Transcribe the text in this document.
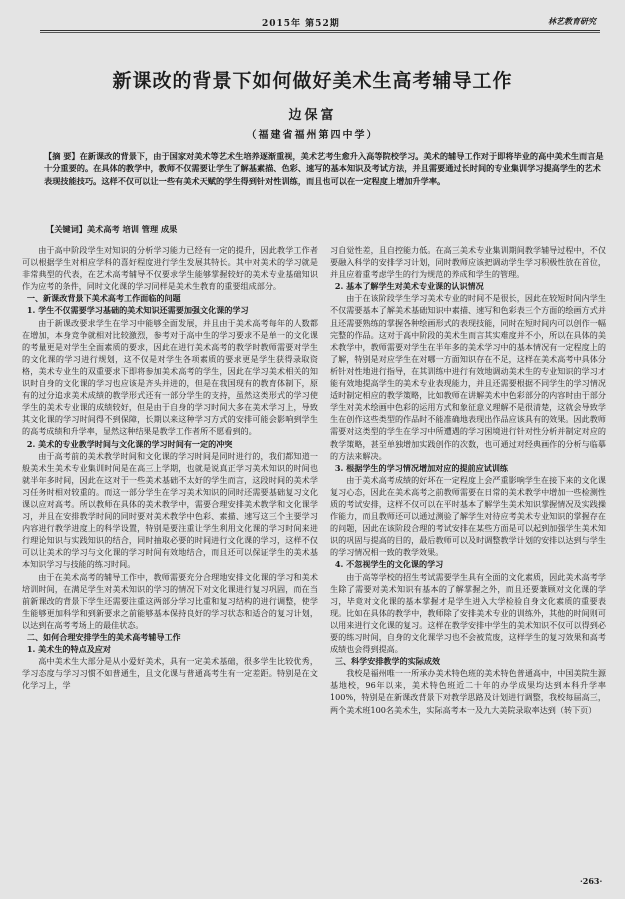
2015年 第52期	林艺教育研究
新课改的背景下如何做好美术生高考辅导工作
边保富
（福建省福州第四中学）
【摘 要】在新课改的背景下，由于国家对美术等艺术生培养逐渐重视，美术艺考生愈升入高等院校学习。美术的辅导工作对于即将毕业的高中美术生而言是十分重要的。在具体的教学中，教师不仅需要让学生了解基素描、色彩、速写的基本知识及考试方法，并且需要通过长时间的专业集训学习提高学生的艺术表现技能技巧。这样不仅可以让一些有美术天赋的学生得到针对性训练，而且也可以在一定程度上增加升学率。
【关键词】美术高考 培训 管理 成果

由于高中阶段学生对知识的分析学习能力已经有一定的提升，因此教学工作者可以根据学生对相应学科的喜好程度进行学生发展其特长。其中对美术的学习就是非常典型的代表，在艺术高考辅导不仅要求学生能够掌握较好的美术专业基础知识作为应考的条件，同时文化课的学习同样是美术生教育的重要组成部分。

一、新课改背景下美术高考工作面临的问题

1. 学生不仅需要学习基础的美术知识还需要加强文化课的学习

由于新课改要求学生在学习中能够全面发展，并且由于美术高考每年的人数都在增加，本身竞争就相对比较激烈，参考对于高中生的学习要求不是单一的文化课的考量更是对学生全面素质的要求，因此在进行美术高考的教学时教师需要对学生的文化课的学习进行规划，这不仅是对学生各项素质的要求更是学生获得录取资格，美术专业生的双重要求下即将参加美术高考的学生，因此在学习美术相关的知识时自身的文化课的学习也应该是齐头并进的，但是在我国现有的教育体制下，原有的过分追求美术成绩的教学形式还有一部分学生的支持，虽然这类形式的学习使学生的美术专业课的成绩较好，但是由于自身的学习时间大多在美术学习上，导致其文化课的学习时间得不到保障，长期以来这种学习方式的安排可能会影响到学生的高考成绩和升学率，显然这种结果是教学工作者所不愿看到的。

2. 美术的专业教学时间与文化课的学习时间有一定的冲突

由于高考前的美术教学时间和文化课的学习时间是同时进行的，我们都知道一般美术生美术专业集训时间是在高三上学期，也就是说真正学习美术知识的时间也就半年多时间，因此在这对于一些美术基础不太好的学生而言，这段时间的美术学习任务时相对较重的。而这一部分学生在学习美术知识的同时还需要基础复习文化课以应对高考。所以教师在具体的美术教学中，需要合理安排美术教学和文化课学习，并且在安排教学时间的同时要对美术教学中色彩、素描、速写这三个主要学习内容进行教学进度上的科学设置，特别是要注重让学生利用文化课的学习时间来进行理论知识与实践知识的结合，同时抽取必要的时间进行文化课的学习，这样不仅可以让美术的学习与文化课的学习时间有效地结合，而且还可以保证学生的美术基本知识学习与技能的练习时间。

由于在美术高考的辅导工作中，教师需要充分合理地安排文化课的学习和美术培训时间，在满足学生对美术知识的学习的情况下对文化课进行复习巩固，而在当前新课改的背景下学生还需要注重这两部分学习比重和复习结构的进行调整，使学生能够更加科学和到新要求之前能够基本保持良好的学习状态和适合的复习计划，以达到在高考考场上的最佳状态。

二、如何合理安排学生的美术高考辅导工作

1. 美术生的特点及应对

高中美术生大部分是从小爱好美术，具有一定美术基础，很多学生比较优秀，学习态度与学习习惯不如普通生，且文化课与普通高考生有一定差距。特别是在文化学习上，学

习自觉性差，且自控能力低。在高三美术专业集训期间教学辅导过程中，不仅要融入科学的安排学习计划，同时教师应该把调动学生学习积极性放在首位，并且应着重考虑学生的行为规范的养成和学生的管理。

2. 基本了解学生对美术专业课的认识情况

由于在该阶段学生学习美术专业的时间不是很长，因此在较短时间内学生不仅需要基本了解美术基础知识中素描、速写和色彩表三个方面的绘画方式并且还需要熟练的掌握各种绘画形式的表现技能，同时在短时间内可以创作一幅完整的作品。这对于高中阶段的美术生而言其实难度并不小，所以在具体的美术教学中，教师需要对学生在半年多的美术学习中的基本情况有一定程度上的了解，特别是对应学生在对哪一方面知识存在不足，这样在美术高考中具体分析针对性地进行指导，在其训练中进行有效地调动美术生的专业知识的学习才能有效地提高学生的美术专业表现能力，并且还需要根据不同学生的学习情况适时制定相应的教学策略，比如教师在讲解美术中色彩部分的内容时由于部分学生对美术绘画中色彩的运用方式和象征意义理解不是很清楚，这就会导致学生在创作这些类型的作品时不能准确地表现出作品应该具有的效果。因此教师需要对这类型的学生在学习中所遭遇的学习困境进行针对性分析并制定对应的教学策略，甚至单独增加实践创作的次数，也可通过对经典画作的分析与临摹的方法来解决。

3. 根据学生的学习情况增加对应的提前应试训练

由于美术高考成绩的好坏在一定程度上会严重影响学生在接下来的文化课复习心态，因此在美术高考之前教师需要在日常的美术教学中增加一些检测性质的考试安排，这样不仅可以在平时基本了解学生美术知识掌握情况及实践操作能力，而且教师还可以通过测验了解学生对待应考美术专业知识的掌握存在的问题，因此在该阶段合理的考试安排在某些方面是可以起到加强学生美术知识的巩固与提高的目的，最后教师可以及时调整教学计划的安排以达到与学生的学习情况相一致的教学效果。

4. 不忽视学生的文化课的学习

由于高等学校的招生考试需要学生具有全面的文化素质，因此美术高考学生除了需要对美术知识有基本的了解掌握之外，而且还要兼顾对文化课的学习，毕竟对文化课的基本掌握才是学生进入大学检验自身文化素质的重要表现。比如在具体的教学中，教师除了安排美术专业的训练外，其他的时间则可以用来进行文化课的复习。这样在教学安排中学生的美术知识不仅可以得到必要的练习时间，自身的文化课学习也不会被荒废，这样学生的复习效果和高考成绩也会得到提高。

三、科学安排教学的实际成效

我校是福州唯一一所承办美术特色班的美术特色普通高中，中国美院生源基地校，96年以来，美术特色班近二十年的办学成果均达到本科升学率100%，特别是在新课改背景下对教学思路及计划进行调整，我校每届高三，两个美术班100名美术生，实际高考本一及九大美院录取率达到（转下页）

·263·
